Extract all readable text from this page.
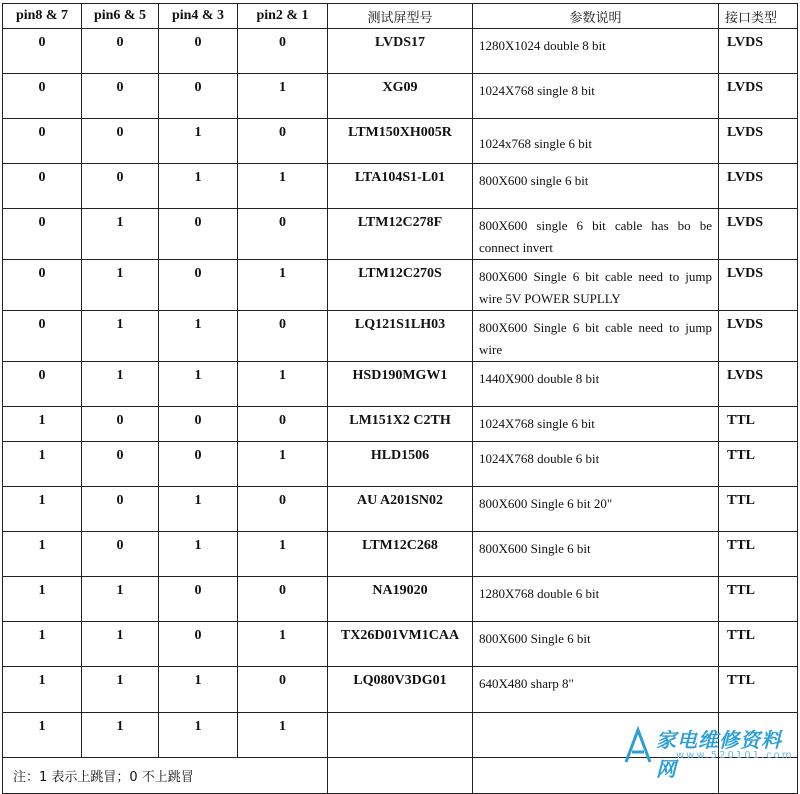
pin8 & 7	pin6 & 5	pin4 & 3	pin2 & 1	测试屏型号	参数说明	接口类型
0	0	0	0	LVDS17	1280X1024 double 8 bit	LVDS
0	0	0	1	XG09	1024X768 single 8 bit	LVDS
0	0	1	0	LTM150XH005R	1024x768 single 6 bit	LVDS
0	0	1	1	LTA104S1-L01	800X600 single 6 bit	LVDS
0	1	0	0	LTM12C278F	800X600 single 6 bit cable has bo be connect invert	LVDS
0	1	0	1	LTM12C270S	800X600 Single 6 bit cable need to jump wire 5V POWER SUPLLY	LVDS
0	1	1	0	LQ121S1LH03	800X600 Single 6 bit cable need to jump wire	LVDS
0	1	1	1	HSD190MGW1	1440X900 double 8 bit	LVDS
1	0	0	0	LM151X2 C2TH	1024X768 single 6 bit	TTL
1	0	0	1	HLD1506	1024X768 double 6 bit	TTL
1	0	1	0	AU A201SN02	800X600 Single 6 bit 20"	TTL
1	0	1	1	LTM12C268	800X600 Single 6 bit	TTL
1	1	0	0	NA19020	1280X768 double 6 bit	TTL
1	1	0	1	TX26D01VM1CAA	800X600 Single 6 bit	TTL
1	1	1	0	LQ080V3DG01	640X480 sharp 8"	TTL
1	1	1	1			
注：1 表示上跳冒；0 不上跳冒						
家电维修资料网
www.520101.com
